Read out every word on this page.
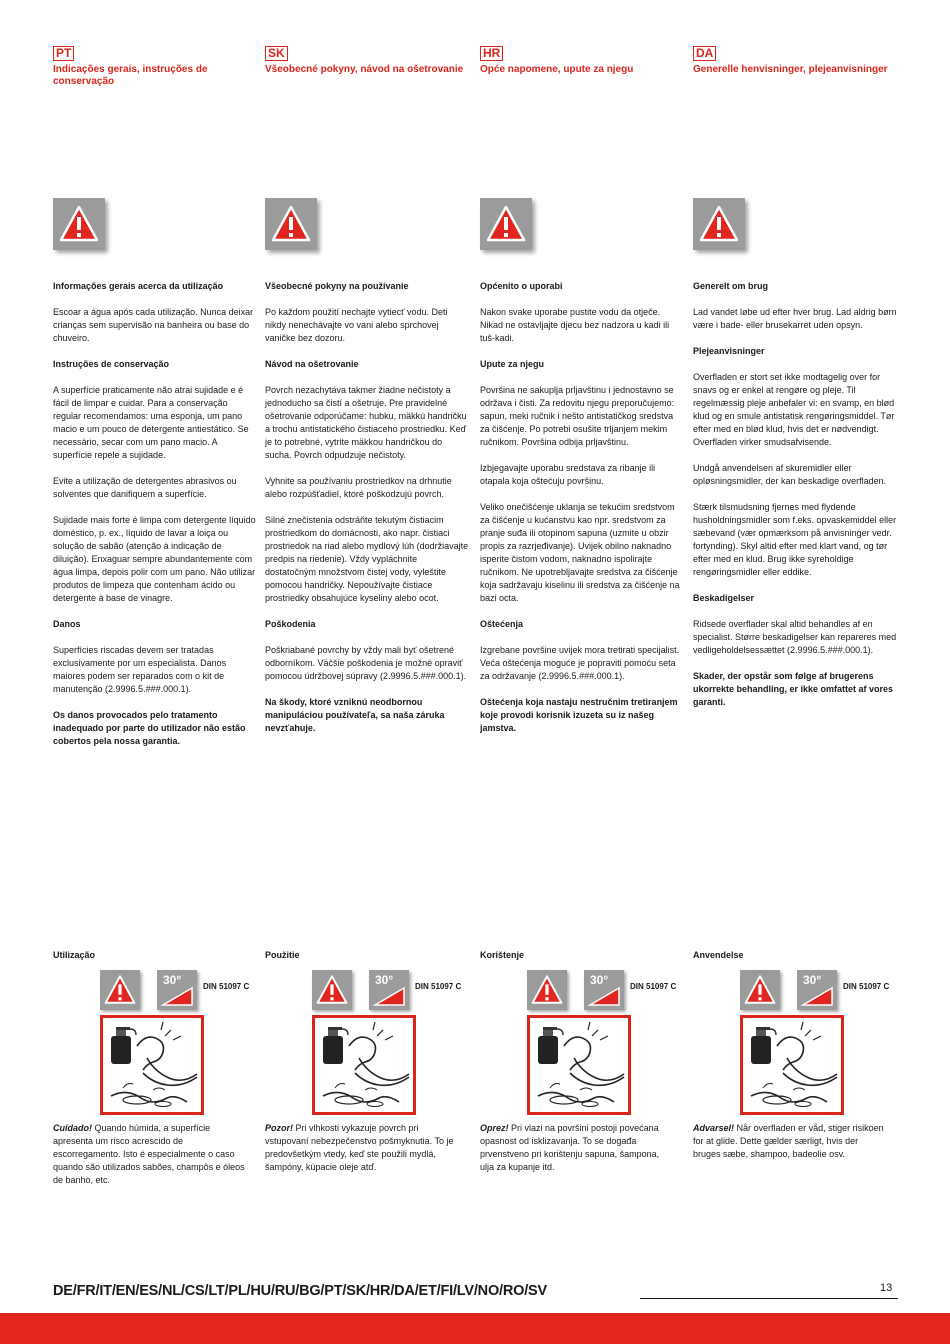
PT
Indicações gerais, instruções de conservação
Informações gerais acerca da utilização

Escoar a água após cada utilização. Nunca deixar crianças sem supervisão na banheira ou base do chuveiro.

Instruções de conservação

A superfície praticamente não atrai sujidade e é fácil de limpar e cuidar. Para a conservação regular recomendamos: uma esponja, um pano macio e um pouco de detergente antiestático. Se necessário, secar com um pano macio. A superfície repele a sujidade.

Evite a utilização de detergentes abrasivos ou solventes que danifiquem a superfície.

Sujidade mais forte é limpa com detergente líquido doméstico, p. ex., líquido de lavar a loiça ou solução de sabão (atenção à indicação de diluição). Enxaguar sempre abundantemente com água limpa, depois polir com um pano. Não utilizar produtos de limpeza que contenham ácido ou detergente à base de vinagre.

Danos

Superfícies riscadas devem ser tratadas exclusivamente por um especialista. Danos maiores podem ser reparados com o kit de manutenção (2.9996.5.###.000.1).

Os danos provocados pelo tratamento inadequado por parte do utilizador não estão cobertos pela nossa garantia.

Utilização
30°	DIN 51097 C
Cuidado! Quando húmida, a superfície apresenta um risco acrescido de escorregamento. Isto é especialmente o caso quando são utilizados sabões, champôs e óleos de banho, etc.
SK
Všeobecné pokyny, návod na ošetrovanie
Všeobecné pokyny na používanie

Po každom použití nechajte vytiecť vodu. Deti nikdy nenechávajte vo vani alebo sprchovej vaničke bez dozoru.

Návod na ošetrovanie

Povrch nezachytáva takmer žiadne nečistoty a jednoducho sa čistí a ošetruje. Pre pravidelné ošetrovanie odporúčame: hubku, mäkkú handričku a trochu antistatického čistiaceho prostriedku. Keď je to potrebné, vytrite mäkkou handričkou do sucha. Povrch odpudzuje nečistoty.

Vyhnite sa používaniu prostriedkov na drhnutie alebo rozpúšťadiel, ktoré poškodzujú povrch.

Silné znečistenia odstráňte tekutým čistiacim prostriedkom do domácnosti, ako napr. čistiaci prostriedok na riad alebo mydlový lúh (dodržiavajte predpis na riedenie). Vždy vypláchnite dostatočným množstvom čistej vody, vyleštite pomocou handričky. Nepoužívajte čistiace prostriedky obsahujúce kyseliny alebo ocot.

Poškodenia

Poškriabané povrchy by vždy mali byť ošetrené odborníkom. Väčšie poškodenia je možné opraviť pomocou údržbovej súpravy (2.9996.5.###.000.1).

Na škody, ktoré vzniknú neodbornou manipuláciou používateľa, sa naša záruka nevzťahuje.

Použitie
30°	DIN 51097 C
Pozor! Pri vlhkosti vykazuje povrch pri vstupovaní nebezpečenstvo pošmyknutia. To je predovšetkým vtedy, keď ste použili mydlá, šampóny, kúpacie oleje atď.
HR
Opće napomene, upute za njegu
Općenito o uporabi

Nakon svake uporabe pustite vodu da otječe. Nikad ne ostavljajte djecu bez nadzora u kadi ili tuš-kadi.

Upute za njegu

Površina ne sakuplja prljavštinu i jednostavno se održava i čisti. Za redovitu njegu preporučujemo: sapun, meki ručnik i nešto antistatičkog sredstva za čišćenje. Po potrebi osušite trljanjem mekim ručnikom. Površina odbija prljavštinu.

Izbjegavajte uporabu sredstava za ribanje ili otapala koja oštećuju površinu.

Veliko onečišćenje uklanja se tekućim sredstvom za čišćenje u kućanstvu kao npr. sredstvom za pranje suđa ili otopinom sapuna (uzmite u obzir propis za razrjeđivanje). Uvijek obilno naknadno isperite čistom vodom, naknadno ispolirajte ručnikom. Ne upotrebljavajte sredstva za čišćenje koja sadržavaju kiselinu ili sredstva za čišćenje na bazi octa.

Oštećenja

Izgrebane površine uvijek mora tretirati specijalist. Veća oštećenja moguće je popraviti pomoću seta za održavanje (2.9996.5.###.000.1).

Oštećenja koja nastaju nestručnim tretiranjem koje provodi korisnik izuzeta su iz našeg jamstva.

Korištenje
30°	DIN 51097 C
Oprez! Pri vlazi na površini postoji povećana opasnost od isklizavanja. To se događa prvenstveno pri korištenju sapuna, šampona, ulja za kupanje itd.
DA
Generelle henvisninger, plejeanvisninger
Generelt om brug

Lad vandet løbe ud efter hver brug. Lad aldrig børn være i bade- eller brusekarret uden opsyn.

Plejeanvisninger

Overfladen er stort set ikke modtagelig over for snavs og er enkel at rengøre og pleje. Til regelmæssig pleje anbefaler vi: en svamp, en blød klud og en smule antistatisk rengøringsmiddel. Tør efter med en blød klud, hvis det er nødvendigt. Overfladen virker smudsafvisende.

Undgå anvendelsen af skuremidler eller opløsningsmidler, der kan beskadige overfladen.

Stærk tilsmudsning fjernes med flydende husholdningsmidler som f.eks. opvaskemiddel eller sæbevand (vær opmærksom på anvisninger vedr. fortynding). Skyl altid efter med klart vand, og tør efter med en klud. Brug ikke syreholdige rengøringsmidler eller eddike.

Beskadigelser

Ridsede overflader skal altid behandles af en specialist. Større beskadigelser kan repareres med vedligeholdelsessættet (2.9996.5.###.000.1).

Skader, der opstår som følge af brugerens ukorrekte behandling, er ikke omfattet af vores garanti.

Anvendelse
30°	DIN 51097 C
Advarsel! Når overfladen er våd, stiger risikoen for at glide. Dette gælder særligt, hvis der bruges sæbe, shampoo, badeolie osv.
DE/FR/IT/EN/ES/NL/CS/LT/PL/HU/RU/BG/PT/SK/HR/DA/ET/FI/LV/NO/RO/SV	13
